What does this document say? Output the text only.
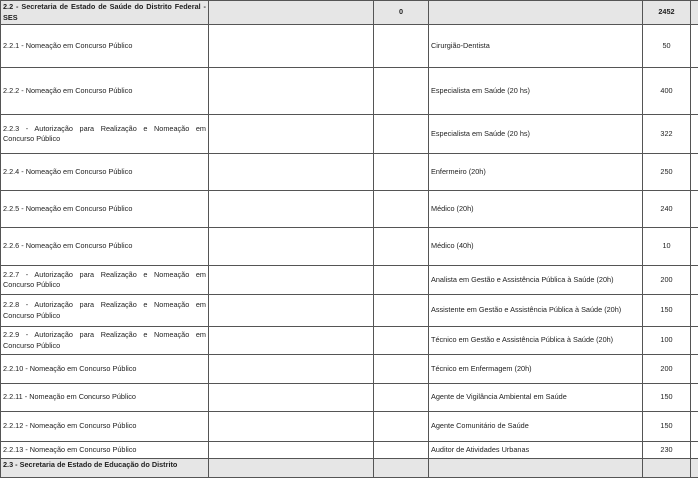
2.2 - Secretaria de Estado de Saúde do Distrito Federal - SES		0		2452	
2.2.1 - Nomeação em Concurso Público			Cirurgião-Dentista	50	
2.2.2 - Nomeação em Concurso Público			Especialista em Saúde (20 hs)	400	
2.2.3 - Autorização para Realização e Nomeação em Concurso Público			Especialista em Saúde (20 hs)	322	
2.2.4 - Nomeação em Concurso Público			Enfermeiro (20h)	250	
2.2.5 - Nomeação em Concurso Público			Médico (20h)	240	
2.2.6 - Nomeação em Concurso Público			Médico (40h)	10	
2.2.7 - Autorização para Realização e Nomeação em Concurso Público			Analista em Gestão e Assistência Pública à Saúde (20h)	200	
2.2.8 - Autorização para Realização e Nomeação em Concurso Público			Assistente em Gestão e Assistência Pública à Saúde (20h)	150	
2.2.9 - Autorização para Realização e Nomeação em Concurso Público			Técnico em Gestão e Assistência Pública à Saúde (20h)	100	
2.2.10 - Nomeação em Concurso Público			Técnico em Enfermagem (20h)	200	
2.2.11 - Nomeação em Concurso Público			Agente de Vigilância Ambiental em Saúde	150	
2.2.12 - Nomeação em Concurso Público			Agente Comunitário de Saúde	150	
2.2.13 - Nomeação em Concurso Público			Auditor de Atividades Urbanas	230	
2.3 - Secretaria de Estado de Educação do Distrito					
